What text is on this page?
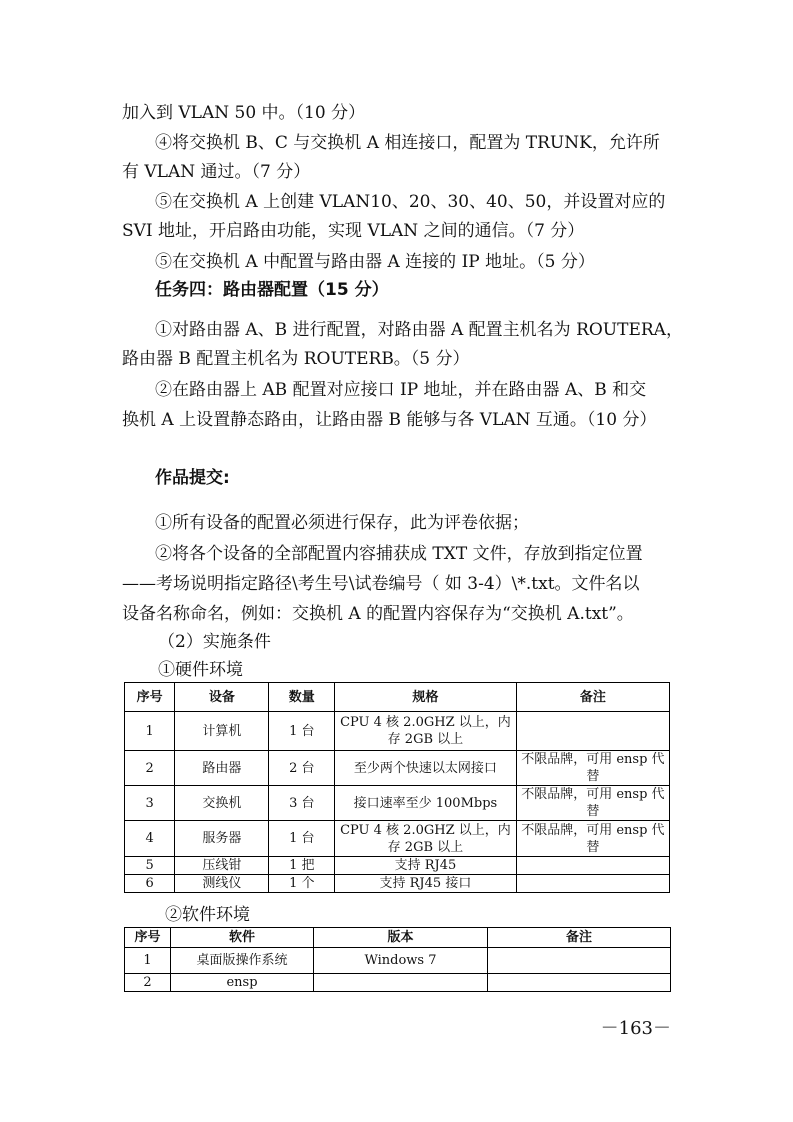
加入到 VLAN 50 中。（10 分）
④将交换机 B、C 与交换机 A 相连接口，配置为 TRUNK，允许所
有 VLAN 通过。（7 分）
⑤在交换机 A 上创建 VLAN10、20、30、40、50，并设置对应的
SVI 地址，开启路由功能，实现 VLAN 之间的通信。（7 分）
⑤在交换机 A 中配置与路由器 A 连接的 IP 地址。（5 分）
任务四：路由器配置（15 分）
①对路由器 A、B 进行配置，对路由器 A 配置主机名为 ROUTERA，
路由器 B 配置主机名为 ROUTERB。（5 分）
②在路由器上 AB 配置对应接口 IP 地址，并在路由器 A、B 和交
换机 A 上设置静态路由，让路由器 B 能够与各 VLAN 互通。（10 分）
作品提交:
①所有设备的配置必须进行保存，此为评卷依据；
②将各个设备的全部配置内容捕获成 TXT 文件，存放到指定位置
——考场说明指定路径\考生号\试卷编号（ 如 3-4）\*.txt。文件名以
设备名称命名，例如：交换机 A 的配置内容保存为“交换机 A.txt”。
（2）实施条件
①硬件环境
序号	设备	数量	规格	备注
1	计算机	1 台	CPU 4 核 2.0GHZ 以上，内存 2GB 以上	
2	路由器	2 台	至少两个快速以太网接口	不限品牌，可用 ensp 代替
3	交换机	3 台	接口速率至少 100Mbps	不限品牌，可用 ensp 代替
4	服务器	1 台	CPU 4 核 2.0GHZ 以上，内存 2GB 以上	不限品牌，可用 ensp 代替
5	压线钳	1 把	支持 RJ45	
6	测线仪	1 个	支持 RJ45 接口	
②软件环境
序号	软件	版本	备注
1	桌面版操作系统	Windows 7	
2	ensp		
－163－
